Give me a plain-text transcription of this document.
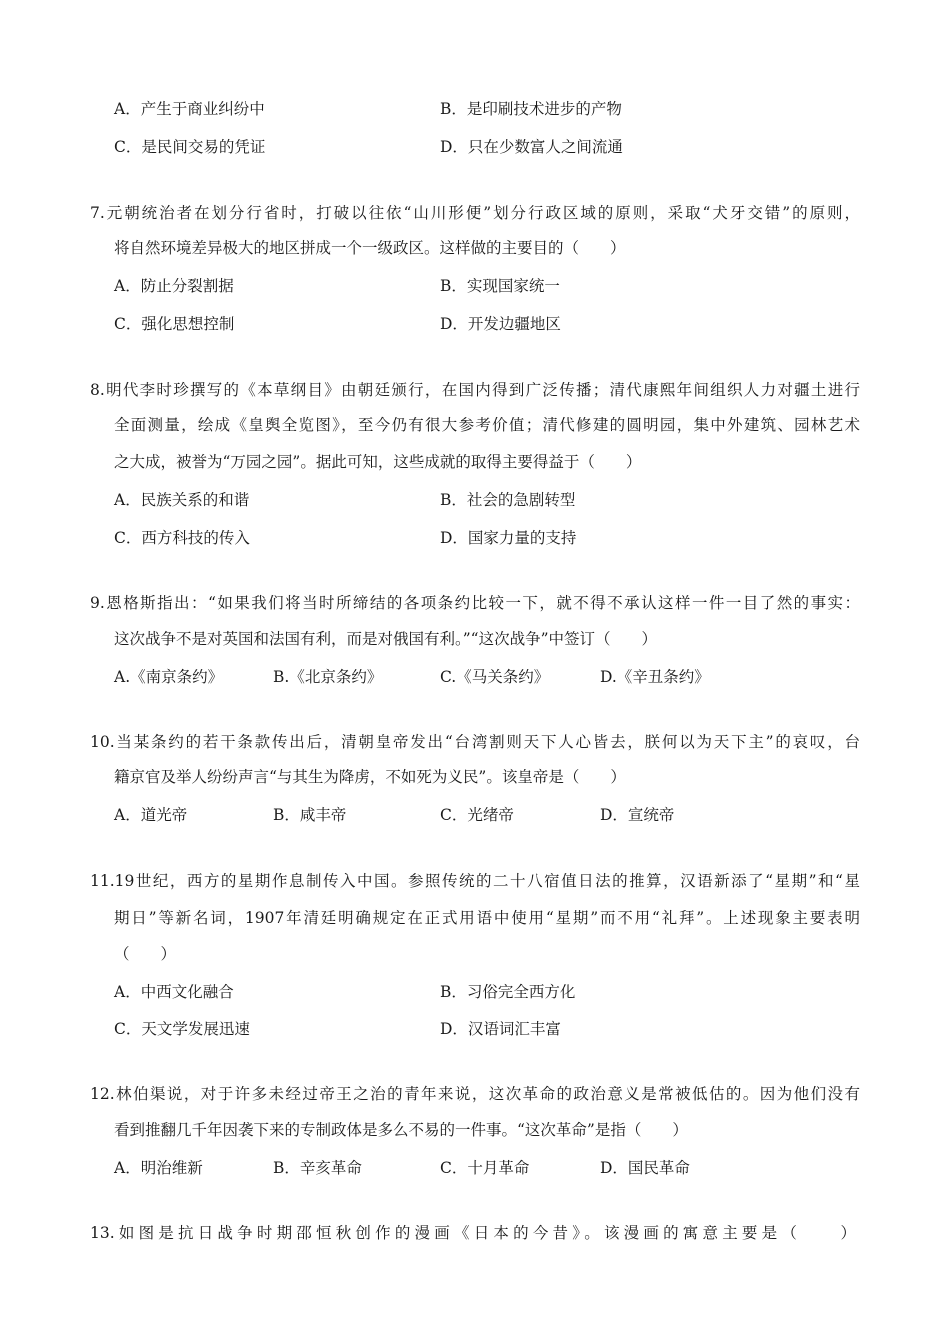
A．产生于商业纠纷中	B．是印刷技术进步的产物
C．是民间交易的凭证	D．只在少数富人之间流通
7.元朝统治者在划分行省时，打破以往依“山川形便”划分行政区域的原则，采取“犬牙交错”的原则，
将自然环境差异极大的地区拼成一个一级政区。这样做的主要目的（　　）
A．防止分裂割据	B．实现国家统一
C．强化思想控制	D．开发边疆地区
8.明代李时珍撰写的《本草纲目》由朝廷颁行，在国内得到广泛传播；清代康熙年间组织人力对疆土进行
全面测量，绘成《皇舆全览图》，至今仍有很大参考价值；清代修建的圆明园，集中外建筑、园林艺术
之大成，被誉为“万园之园”。据此可知，这些成就的取得主要得益于（　　）
A．民族关系的和谐	B．社会的急剧转型
C．西方科技的传入	D．国家力量的支持
9.恩格斯指出：“如果我们将当时所缔结的各项条约比较一下，就不得不承认这样一件一目了然的事实：
这次战争不是对英国和法国有利，而是对俄国有利。”“这次战争”中签订（　　）
A.《南京条约》	B.《北京条约》	C.《马关条约》	D.《辛丑条约》
10.当某条约的若干条款传出后，清朝皇帝发出“台湾割则天下人心皆去，朕何以为天下主”的哀叹，台
籍京官及举人纷纷声言“与其生为降虏，不如死为义民”。该皇帝是（　　）
A．道光帝	B．咸丰帝	C．光绪帝	D．宣统帝
11.19世纪，西方的星期作息制传入中国。参照传统的二十八宿值日法的推算，汉语新添了“星期”和“星
期日”等新名词，1907年清廷明确规定在正式用语中使用“星期”而不用“礼拜”。上述现象主要表明
（　　）
A．中西文化融合	B．习俗完全西方化
C．天文学发展迅速	D．汉语词汇丰富
12.林伯渠说，对于许多未经过帝王之治的青年来说，这次革命的政治意义是常被低估的。因为他们没有
看到推翻几千年因袭下来的专制政体是多么不易的一件事。“这次革命”是指（　　）
A．明治维新	B．辛亥革命	C．十月革命	D．国民革命
13.如图是抗日战争时期邵恒秋创作的漫画《日本的今昔》。该漫画的寓意主要是（　　）
